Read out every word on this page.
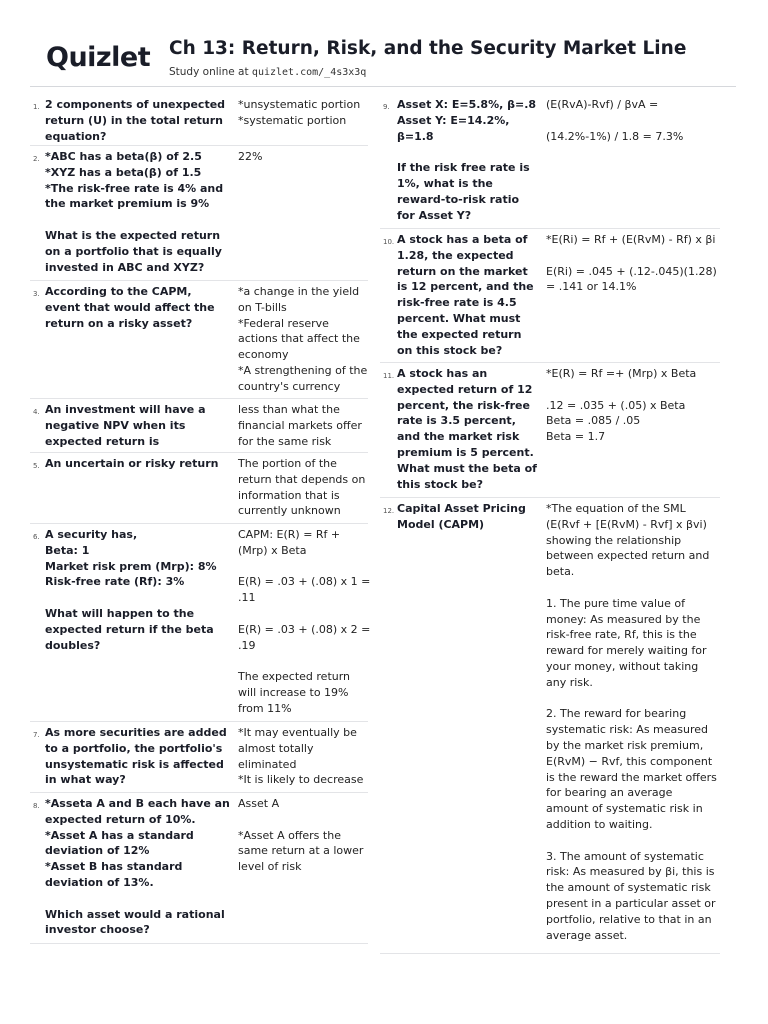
Quizlet Ch 13: Return, Risk, and the Security Market Line
Study online at quizlet.com/_4s3x3q
1. 2 components of unexpected return (U) in the total return equation?
*unsystematic portion
*systematic portion
2. *ABC has a beta(β) of 2.5
*XYZ has a beta(β) of 1.5
*The risk-free rate is 4% and the market premium is 9%

What is the expected return on a portfolio that is equally invested in ABC and XYZ?
22%
3. According to the CAPM, event that would affect the return on a risky asset?
*a change in the yield on T-bills
*Federal reserve actions that affect the economy
*A strengthening of the country's currency
4. An investment will have a negative NPV when its expected return is
less than what the financial markets offer for the same risk
5. An uncertain or risky return	The portion of the return that depends on information that is currently unknown
6. A security has,
Beta: 1
Market risk prem (Mrp): 8%
Risk-free rate (Rf): 3%

What will happen to the expected return if the beta doubles?
CAPM: E(R) = Rf + (Mrp) x Beta

E(R) = .03 + (.08) x 1 = .11

E(R) = .03 + (.08) x 2 = .19

The expected return will increase to 19% from 11%
7. As more securities are added to a portfolio, the portfolio's unsystematic risk is affected in what way?
*It may eventually be almost totally eliminated
*It is likely to decrease
8. *Asseta A and B each have an expected return of 10%.
*Asset A has a standard deviation of 12%
*Asset B has standard deviation of 13%.

Which asset would a rational investor choose?
Asset A

*Asset A offers the same return at a lower level of risk
9. Asset X: E=5.8%, β=.8
Asset Y: E=14.2%, β=1.8

If the risk free rate is 1%, what is the reward-to-risk ratio for Asset Y?
(E(RᴠA)-Rᴠf) / βᴠA =

(14.2%-1%) / 1.8 = 7.3%
10. A stock has a beta of 1.28, the expected return on the market is 12 percent, and the risk-free rate is 4.5 percent. What must the expected return on this stock be?
*E(Ri) = Rf + (E(RᴠM) - Rf) x βi

E(Ri) = .045 + (.12-.045)(1.28) = .141 or 14.1%
11. A stock has an expected return of 12 percent, the risk-free rate is 3.5 percent, and the market risk premium is 5 percent. What must the beta of this stock be?
*E(R) = Rf =+ (Mrp) x Beta

.12 = .035 + (.05) x Beta
Beta = .085 / .05
Beta = 1.7
12. Capital Asset Pricing Model (CAPM)
*The equation of the SML (E(Rᴠf + [E(RᴠM) - Rᴠf] x βᴠi) showing the relationship between expected return and beta.

1. The pure time value of money: As measured by the risk-free rate, Rf, this is the reward for merely waiting for your money, without taking any risk.

2. The reward for bearing systematic risk: As measured by the market risk premium, E(RᴠM) − Rᴠf, this component is the reward the market offers for bearing an average amount of systematic risk in addition to waiting.

3. The amount of systematic risk: As measured by βi, this is the amount of systematic risk present in a particular asset or portfolio, relative to that in an average asset.
